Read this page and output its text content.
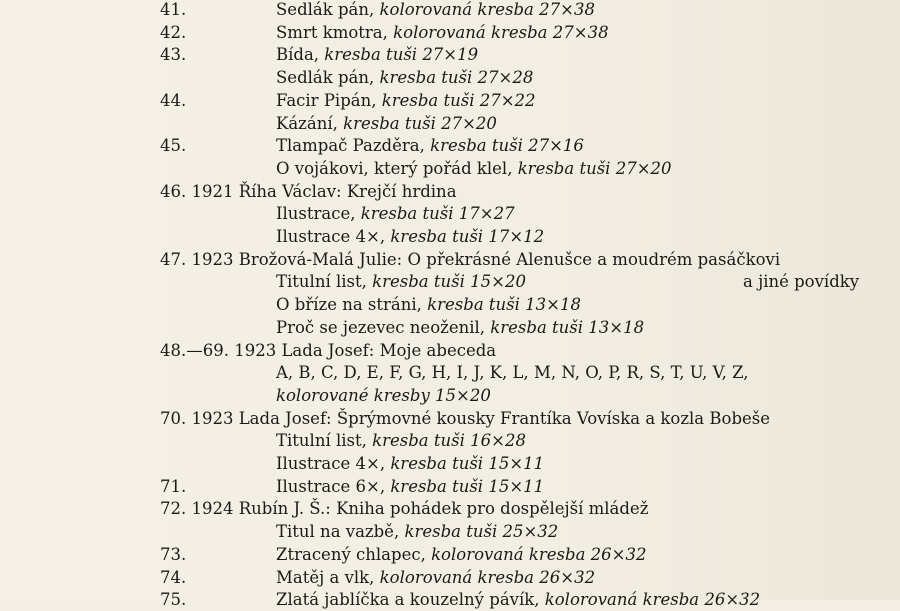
41.	Sedlák pán, kolorovaná kresba 27×38
42.	Smrt kmotra, kolorovaná kresba 27×38
43.	Bída, kresba tuši 27×19
Sedlák pán, kresba tuši 27×28
44.	Facir Pipán, kresba tuši 27×22
Kázání, kresba tuši 27×20
45.	Tlampač Pazděra, kresba tuši 27×16
O vojákovi, který pořád klel, kresba tuši 27×20
46. 1921 Říha Václav: Krejčí hrdina
Ilustrace, kresba tuši 17×27
Ilustrace 4×, kresba tuši 17×12
47. 1923 Brožová-Malá Julie: O překrásné Alenušce a moudrém pasáčkovi
Titulní list, kresba tuši 15×20	a jiné povídky
O bříze na stráni, kresba tuši 13×18
Proč se jezevec neoženil, kresba tuši 13×18
48.—69. 1923 Lada Josef: Moje abeceda
A, B, C, D, E, F, G, H, I, J, K, L, M, N, O, P, R, S, T, U, V, Z,
kolorované kresby 15×20
70. 1923 Lada Josef: Šprýmovné kousky Frantíka Vovíska a kozla Bobeše
Titulní list, kresba tuši 16×28
Ilustrace 4×, kresba tuši 15×11
71.	Ilustrace 6×, kresba tuši 15×11
72. 1924 Rubín J. Š.: Kniha pohádek pro dospělejší mládež
Titul na vazbě, kresba tuši 25×32
73.	Ztracený chlapec, kolorovaná kresba 26×32
74.	Matěj a vlk, kolorovaná kresba 26×32
75.	Zlatá jablíčka a kouzelný pávík, kolorovaná kresba 26×32
